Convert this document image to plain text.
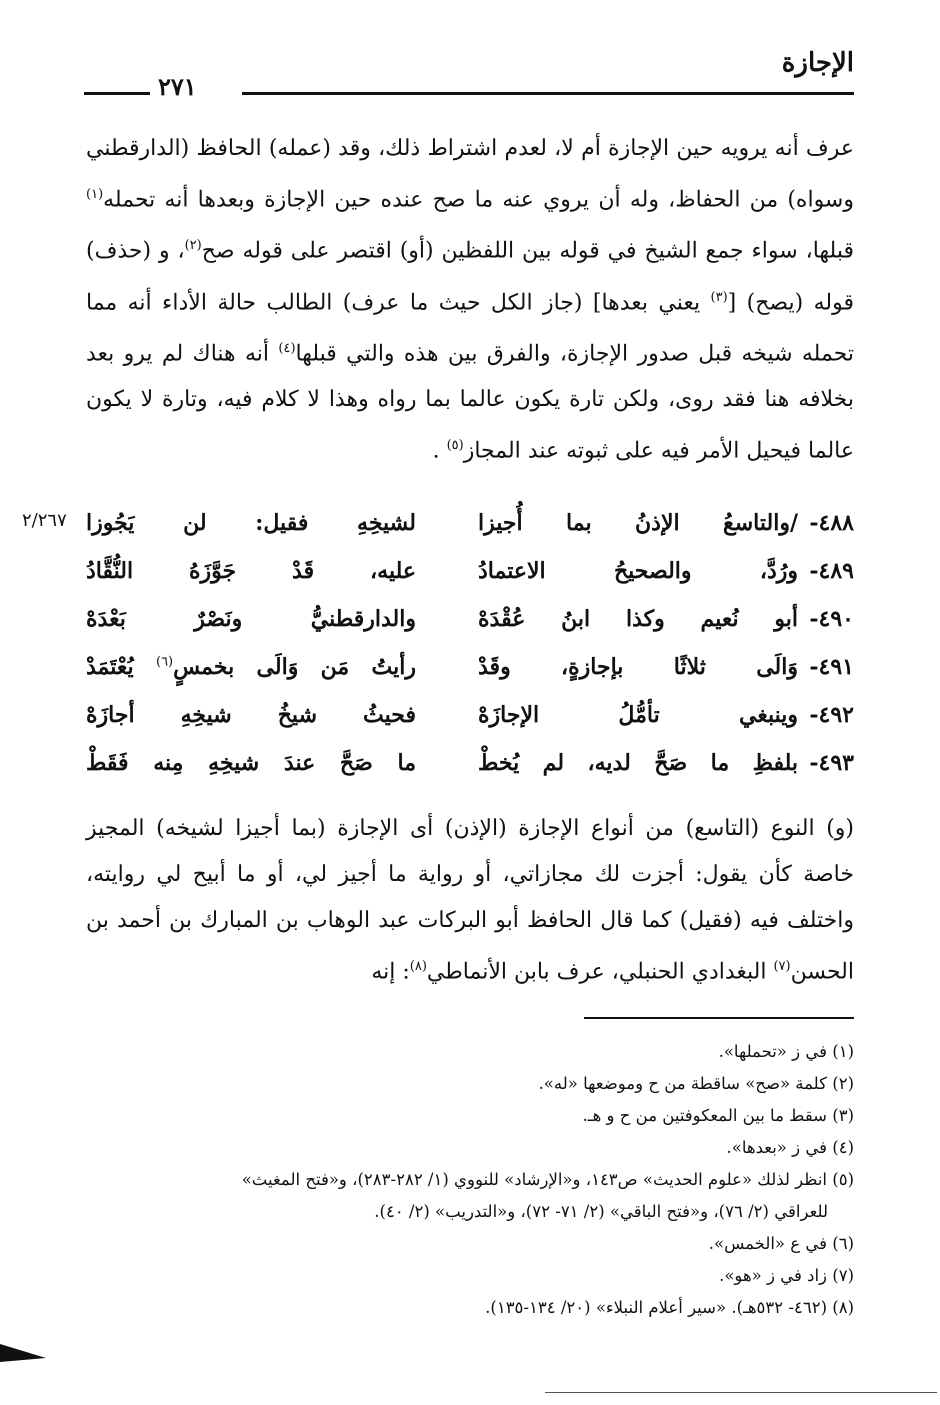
الإجازة
٢٧١
عرف أنه يرويه حين الإجازة أم لا، لعدم اشتراط ذلك، وقد (عمله) الحافظ (الدارقطني وسواه) من الحفاظ، وله أن يروي عنه ما صح عنده حين الإجازة وبعدها أنه تحمله$^{(١)}$ قبلها، سواء جمع الشيخ في قوله بين اللفظين (أو) اقتصر على قوله صح$^{(٢)}$، و (حذف) قوله (يصح) [$^{(٣)}$ يعني بعدها] (جاز الكل حيث ما عرف) الطالب حالة الأداء أنه مما تحمله شيخه قبل صدور الإجازة، والفرق بين هذه والتي قبلها$^{(٤)}$ أنه هناك لم يرو بعد بخلافه هنا فقد روى، ولكن تارة يكون عالما بما رواه وهذا لا كلام فيه، وتارة لا يكون عالما فيحيل الأمر فيه على ثبوته عند المجاز$^{(٥)}$ .
٢/٢٦٧	٤٨٨-
/والتاسعُ الإذنُ بما أُجيزا
لشيخِهِ فقيل: لن يَجُوزا
٤٨٩-
ورُدَّ، والصحيحُ الاعتمادُ
عليه، قَدْ جَوَّزَهُ النُّقَّادُ
٤٩٠-
أبو نُعيم وكذا ابنُ عُقْدَهْ
والدارقطنيُّ ونَصْرٌ بَعْدَهْ
٤٩١-
وَالَى ثلاثًا بإجازةٍ، وقَدْ
رأيتُ مَن وَالَى بخمسٍ$^{(٦)}$ يُعْتَمَدْ
٤٩٢-
وينبغي تأمُّلُ الإجازَهْ
فحيثُ شيخُ شيخِهِ أجازَهْ
٤٩٣-
بلفظِ ما صَحَّ لديه، لم يُخطْ
ما صَحَّ عندَ شيخِهِ مِنه فَقَطْ
(و) النوع (التاسع) من أنواع الإجازة (الإذن) أى الإجازة (بما أجيزا لشيخه) المجيز خاصة كأن يقول: أجزت لك مجازاتي، أو رواية ما أجيز لي، أو ما أبيح لي روايته، واختلف فيه (فقيل) كما قال الحافظ أبو البركات عبد الوهاب بن المبارك بن أحمد بن الحسن$^{(٧)}$ البغدادي الحنبلي، عرف بابن الأنماطي$^{(٨)}$: إنه
(١) في ز «تحملها».
(٢) كلمة «صح» ساقطة من ح وموضعها «له».
(٣) سقط ما بين المعكوفتين من ح و هـ.
(٤) في ز «بعدها».
(٥) انظر لذلك «علوم الحديث» ص١٤٣، و«الإرشاد» للنووي (١/ ٢٨٢-٢٨٣)، و«فتح المغيث»
للعراقي (٢/ ٧٦)، و«فتح الباقي» (٢/ ٧١- ٧٢)، و«التدريب» (٢/ ٤٠).
(٦) في ع «الخمس».
(٧) زاد في ز «هو».
(٨) (٤٦٢- ٥٣٢هـ). «سير أعلام النبلاء» (٢٠/ ١٣٤-١٣٥).
